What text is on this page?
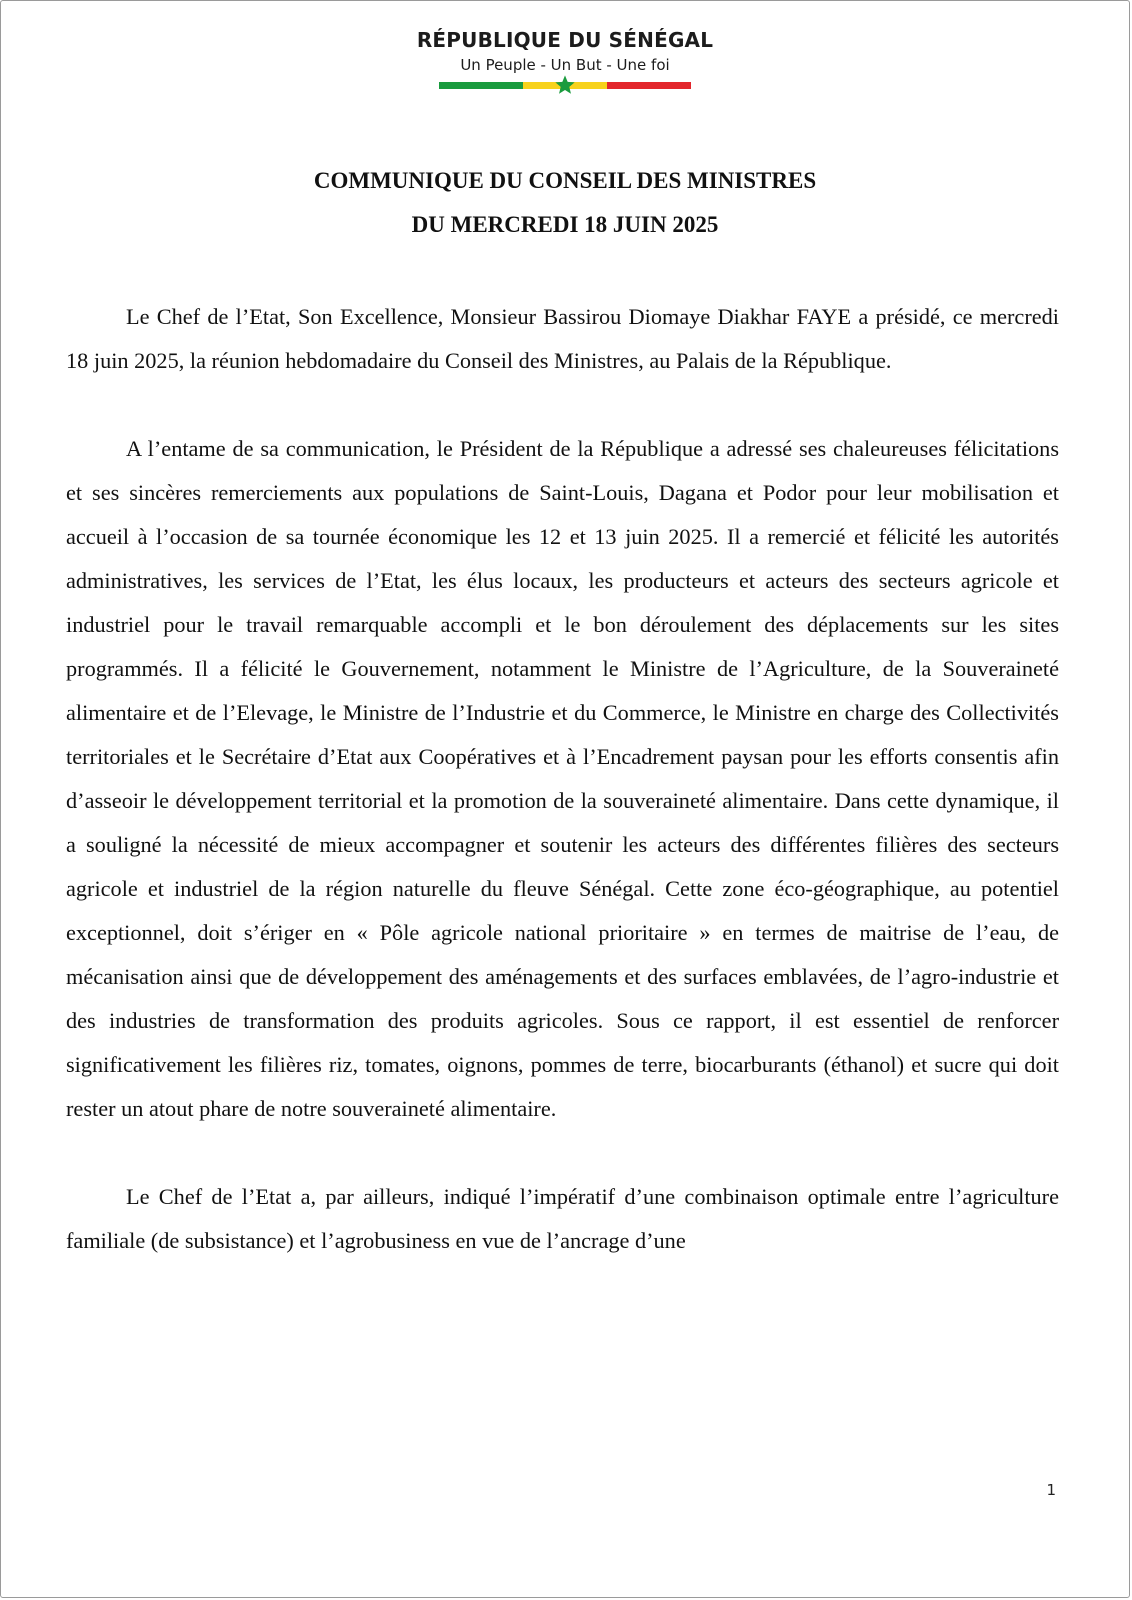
RÉPUBLIQUE DU SÉNÉGAL
Un Peuple - Un But - Une foi
COMMUNIQUE DU CONSEIL DES MINISTRES
DU MERCREDI 18 JUIN 2025

Le Chef de l’Etat, Son Excellence, Monsieur Bassirou Diomaye Diakhar FAYE a présidé, ce mercredi 18 juin 2025, la réunion hebdomadaire du Conseil des Ministres, au Palais de la République.

A l’entame de sa communication, le Président de la République a adressé ses chaleureuses félicitations et ses sincères remerciements aux populations de Saint-Louis, Dagana et Podor pour leur mobilisation et accueil à l’occasion de sa tournée économique les 12 et 13 juin 2025. Il a remercié et félicité les autorités administratives, les services de l’Etat, les élus locaux, les producteurs et acteurs des secteurs agricole et industriel pour le travail remarquable accompli et le bon déroulement des déplacements sur les sites programmés. Il a félicité le Gouvernement, notamment le Ministre de l’Agriculture, de la Souveraineté alimentaire et de l’Elevage, le Ministre de l’Industrie et du Commerce, le Ministre en charge des Collectivités territoriales et le Secrétaire d’Etat aux Coopératives et à l’Encadrement paysan pour les efforts consentis afin d’asseoir le développement territorial et la promotion de la souveraineté alimentaire. Dans cette dynamique, il a souligné la nécessité de mieux accompagner et soutenir les acteurs des différentes filières des secteurs agricole et industriel de la région naturelle du fleuve Sénégal. Cette zone éco-géographique, au potentiel exceptionnel, doit s’ériger en « Pôle agricole national prioritaire » en termes de maitrise de l’eau, de mécanisation ainsi que de développement des aménagements et des surfaces emblavées, de l’agro-industrie et des industries de transformation des produits agricoles. Sous ce rapport, il est essentiel de renforcer significativement les filières riz, tomates, oignons, pommes de terre, biocarburants (éthanol) et sucre qui doit rester un atout phare de notre souveraineté alimentaire.

Le Chef de l’Etat a, par ailleurs, indiqué l’impératif d’une combinaison optimale entre l’agriculture familiale (de subsistance) et l’agrobusiness en vue de l’ancrage d’une

1
